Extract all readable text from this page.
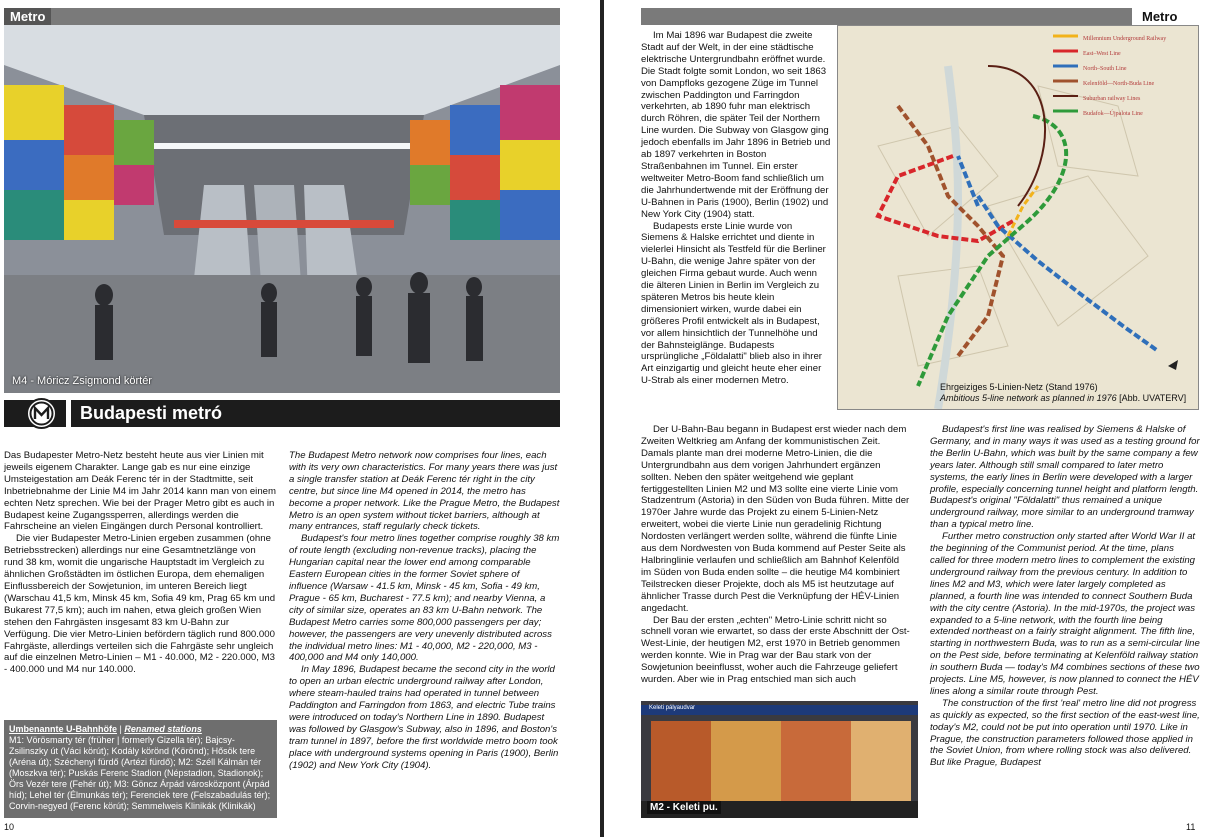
Metro
M4 - Móricz Zsigmond körtér
Budapesti metró

Das Budapester Metro-Netz besteht heute aus vier Linien mit jeweils eigenem Charakter. Lange gab es nur eine einzige Umsteigestation am Deák Ferenc tér in der Stadtmitte, seit Inbetriebnahme der Linie M4 im Jahr 2014 kann man von einem echten Netz sprechen. Wie bei der Prager Metro gibt es auch in Budapest keine Zugangssperren, allerdings werden die Fahrscheine an vielen Eingängen durch Personal kontrolliert.

Die vier Budapester Metro-Linien ergeben zusammen (ohne Betriebsstrecken) allerdings nur eine Gesamtnetzlänge von rund 38 km, womit die ungarische Hauptstadt im Vergleich zu ähnlichen Großstädten im östlichen Europa, dem ehemaligen Einflussbereich der Sowjetunion, im unteren Bereich liegt (Warschau 41,5 km, Minsk 45 km, Sofia 49 km, Prag 65 km und Bukarest 77,5 km); auch im nahen, etwa gleich großen Wien stehen den Fahrgästen insgesamt 83 km U-Bahn zur Verfügung. Die vier Metro-Linien befördern täglich rund 800.000 Fahrgäste, allerdings verteilen sich die Fahrgäste sehr ungleich auf die einzelnen Metro-Linien – M1 - 40.000, M2 - 220.000, M3 - 400.000 und M4 nur 140.000.

Umbenannte U-Bahnhöfe | Renamed stations
M1: Vörösmarty tér (früher | formerly Gizella tér); Bajcsy-Zsilinszky út (Váci körút); Kodály körönd (Körönd); Hősök tere (Aréna út); Széchenyi fürdő (Artézi fürdő); M2: Széll Kálmán tér (Moszkva tér); Puskás Ferenc Stadion (Népstadion, Stadionok); Örs Vezér tere (Fehér út); M3: Göncz Árpád városközpont (Árpád híd); Lehel tér (Élmunkás tér); Ferenciek tere (Felszabadulás tér); Corvin-negyed (Ferenc körút); Semmelweis Klinikák (Klinikák)

The Budapest Metro network now comprises four lines, each with its very own characteristics. For many years there was just a single transfer station at Deák Ferenc tér right in the city centre, but since line M4 opened in 2014, the metro has become a proper network. Like the Prague Metro, the Budapest Metro is an open system without ticket barriers, although at many entrances, staff regularly check tickets.

Budapest's four metro lines together comprise roughly 38 km of route length (excluding non-revenue tracks), placing the Hungarian capital near the lower end among comparable Eastern European cities in the former Soviet sphere of influence (Warsaw - 41.5 km, Minsk - 45 km, Sofia - 49 km, Prague - 65 km, Bucharest - 77.5 km); and nearby Vienna, a city of similar size, operates an 83 km U-Bahn network. The Budapest Metro carries some 800,000 passengers per day; however, the passengers are very unevenly distributed across the individual metro lines: M1 - 40,000, M2 - 220,000, M3 - 400,000 and M4 only 140,000.

In May 1896, Budapest became the second city in the world to open an urban electric underground railway after London, where steam-hauled trains had operated in tunnel between Paddington and Farringdon from 1863, and electric Tube trains were introduced on today's Northern Line in 1890. Budapest was followed by Glasgow's Subway, also in 1896, and Boston's tram tunnel in 1897, before the first worldwide metro boom took place with underground systems opening in Paris (1900), Berlin (1902) and New York City (1904).

10
Metro

Im Mai 1896 war Budapest die zweite Stadt auf der Welt, in der eine städtische elektrische Untergrundbahn eröffnet wurde. Die Stadt folgte somit London, wo seit 1863 von Dampfloks gezogene Züge im Tunnel zwischen Paddington und Farringdon verkehrten, ab 1890 fuhr man elektrisch durch Röhren, die später Teil der Northern Line wurden. Die Subway von Glasgow ging jedoch ebenfalls im Jahr 1896 in Betrieb und ab 1897 verkehrten in Boston Straßenbahnen im Tunnel. Ein erster weltweiter Metro-Boom fand schließlich um die Jahrhundertwende mit der Eröffnung der U-Bahnen in Paris (1900), Berlin (1902) und New York City (1904) statt.

Budapests erste Linie wurde von Siemens & Halske errichtet und diente in vielerlei Hinsicht als Testfeld für die Berliner U-Bahn, die wenige Jahre später von der gleichen Firma gebaut wurde. Auch wenn die älteren Linien in Berlin im Vergleich zu späteren Metros bis heute klein dimensioniert wirken, wurde dabei ein größeres Profil entwickelt als in Budapest, vor allem hinsichtlich der Tunnelhöhe und der Bahnsteiglänge. Budapests ursprüngliche „Földalatti" blieb also in ihrer Art einzigartig und gleicht heute eher einer U-Strab als einer modernen Metro.

Millennium Underground Railway
East–West Line
North–South Line
Kelenföld—North-Buda Line
Suburban railway Lines
Budafok—Újpalota Line
Ehrgeiziges 5-Linien-Netz (Stand 1976)
Ambitious 5-line network as planned in 1976 [Abb. UVATERV]

Der U-Bahn-Bau begann in Budapest erst wieder nach dem Zweiten Weltkrieg am Anfang der kommunistischen Zeit. Damals plante man drei moderne Metro-Linien, die die Untergrundbahn aus dem vorigen Jahrhundert ergänzen sollten. Neben den später weitgehend wie geplant fertiggestellten Linien M2 und M3 sollte eine vierte Linie vom Stadzentrum (Astoria) in den Süden von Buda führen. Mitte der 1970er Jahre wurde das Projekt zu einem 5-Linien-Netz erweitert, wobei die vierte Linie nun geradelinig Richtung Nordosten verlängert werden sollte, während die fünfte Linie aus dem Nordwesten von Buda kommend auf Pester Seite als Halbringlinie verlaufen und schließlich am Bahnhof Kelenföld im Süden von Buda enden sollte – die heutige M4 kombiniert Teilstrecken dieser Projekte, doch als M5 ist heutzutage auf ähnlicher Trasse durch Pest die Verknüpfung der HÉV-Linien angedacht.

Der Bau der ersten „echten" Metro-Linie schritt nicht so schnell voran wie erwartet, so dass der erste Abschnitt der Ost-West-Linie, der heutigen M2, erst 1970 in Betrieb genommen werden konnte. Wie in Prag war der Bau stark von der Sowjetunion beeinflusst, woher auch die Fahrzeuge geliefert wurden. Aber wie in Prag entschied man sich auch

Keleti pályaudvar
M2 - Keleti pu.

Budapest's first line was realised by Siemens & Halske of Germany, and in many ways it was used as a testing ground for the Berlin U-Bahn, which was built by the same company a few years later. Although still small compared to later metro systems, the early lines in Berlin were developed with a larger profile, especially concerning tunnel height and platform length. Budapest's original "Földalatti" thus remained a unique underground railway, more similar to an underground tramway than a typical metro line.

Further metro construction only started after World War II at the beginning of the Communist period. At the time, plans called for three modern metro lines to complement the existing underground railway from the previous century. In addition to lines M2 and M3, which were later largely completed as planned, a fourth line was intended to connect Southern Buda with the city centre (Astoria). In the mid-1970s, the project was expanded to a 5-line network, with the fourth line being extended northeast on a fairly straight alignment. The fifth line, starting in northwestern Buda, was to run as a semi-circular line on the Pest side, before terminating at Kelenföld railway station in southern Buda — today's M4 combines sections of these two projects. Line M5, however, is now planned to connect the HÉV lines along a similar route through Pest.

The construction of the first 'real' metro line did not progress as quickly as expected, so the first section of the east-west line, today's M2, could not be put into operation until 1970. Like in Prague, the construction parameters followed those applied in the Soviet Union, from where rolling stock was also delivered. But like Prague, Budapest

11
